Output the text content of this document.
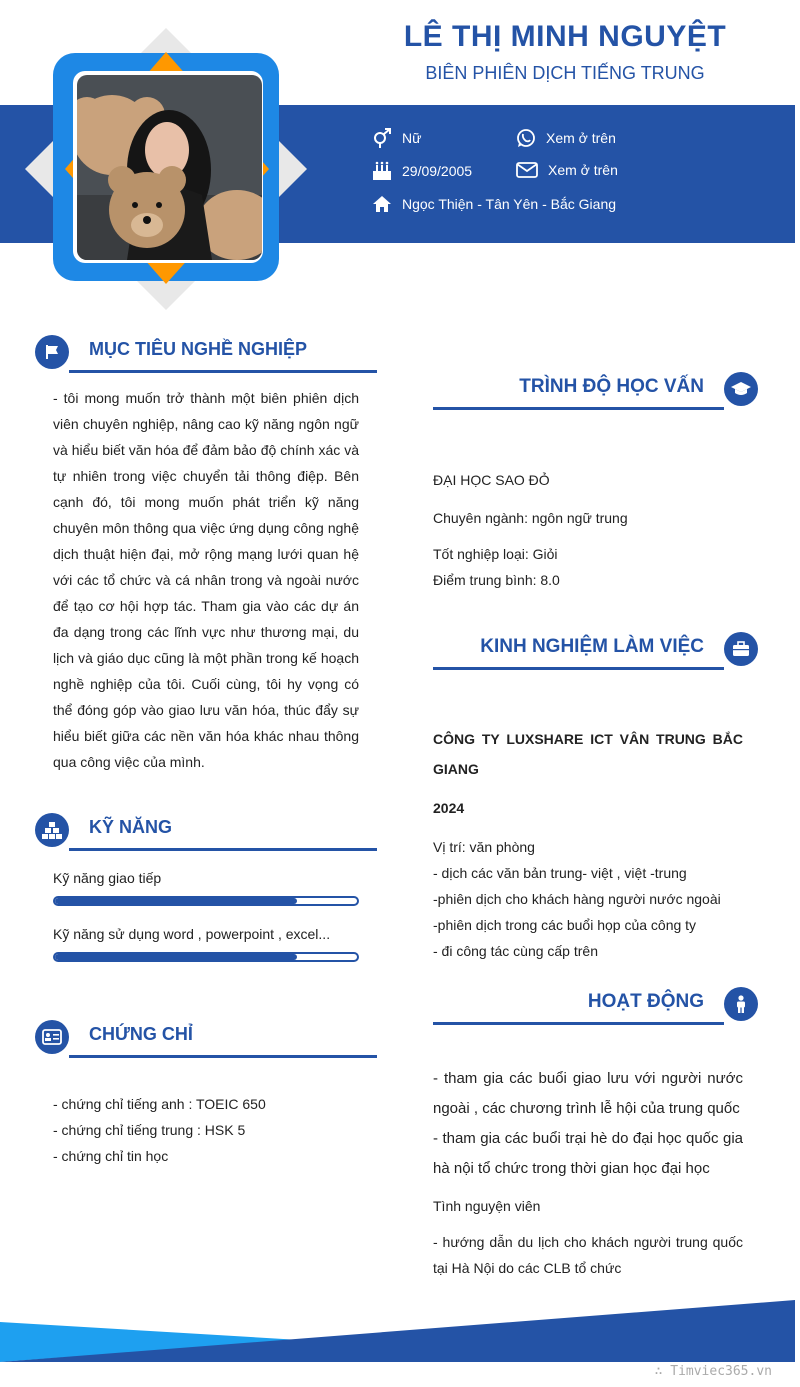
LÊ THỊ MINH NGUYỆT
BIÊN PHIÊN DỊCH TIẾNG TRUNG
Nữ
29/09/2005
Ngọc Thiện - Tân Yên - Bắc Giang
Xem ở trên
Xem ở trên
MỤC TIÊU NGHỀ NGHIỆP
- tôi mong muốn trở thành một biên phiên dịch viên chuyên nghiệp, nâng cao kỹ năng ngôn ngữ và hiểu biết văn hóa để đảm bảo độ chính xác và tự nhiên trong việc chuyển tải thông điệp. Bên cạnh đó, tôi mong muốn phát triển kỹ năng chuyên môn thông qua việc ứng dụng công nghệ dịch thuật hiện đại, mở rộng mạng lưới quan hệ với các tổ chức và cá nhân trong và ngoài nước để tạo cơ hội hợp tác. Tham gia vào các dự án đa dạng trong các lĩnh vực như thương mại, du lịch và giáo dục cũng là một phần trong kế hoạch nghề nghiệp của tôi. Cuối cùng, tôi hy vọng có thể đóng góp vào giao lưu văn hóa, thúc đẩy sự hiểu biết giữa các nền văn hóa khác nhau thông qua công việc của mình.
KỸ NĂNG
Kỹ năng giao tiếp
Kỹ năng sử dụng word , powerpoint , excel...
CHỨNG CHỈ
- chứng chỉ tiếng anh : TOEIC 650
- chứng chỉ tiếng trung : HSK 5
- chứng chỉ tin học
TRÌNH ĐỘ HỌC VẤN
ĐẠI HỌC SAO ĐỎ
Chuyên ngành: ngôn ngữ trung
Tốt nghiệp loại: Giỏi
Điểm trung bình: 8.0
KINH NGHIỆM LÀM VIỆC
CÔNG TY LUXSHARE ICT VÂN TRUNG BẮC GIANG
2024
Vị trí: văn phòng
- dịch các văn bản trung- việt , việt -trung
-phiên dịch cho khách hàng người nước ngoài
-phiên dịch trong các buổi họp của công ty
- đi công tác cùng cấp trên
HOẠT ĐỘNG
- tham gia các buổi giao lưu với người nước ngoài , các chương trình lễ hội của trung quốc
- tham gia các buổi trại hè do đại học quốc gia hà nội tổ chức trong thời gian học đại học
Tình nguyện viên
- hướng dẫn du lịch cho khách người trung quốc tại Hà Nội do các CLB tổ chức
∴ Timviec365.vn
